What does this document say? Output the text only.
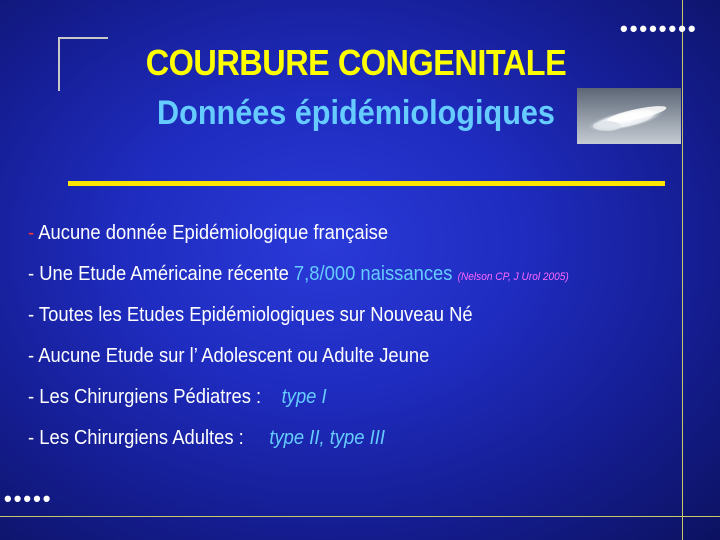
••••••••
•••••
COURBURE CONGENITALE
Données épidémiologiques
- Aucune donnée Epidémiologique française
- Une Etude Américaine récente 7,8/000 naissances (Nelson CP, J Urol 2005)
- Toutes les Etudes Epidémiologiques sur Nouveau Né
- Aucune Etude sur l’ Adolescent ou Adulte Jeune
- Les Chirurgiens Pédiatres :    type I
- Les Chirurgiens Adultes :     type II, type III
